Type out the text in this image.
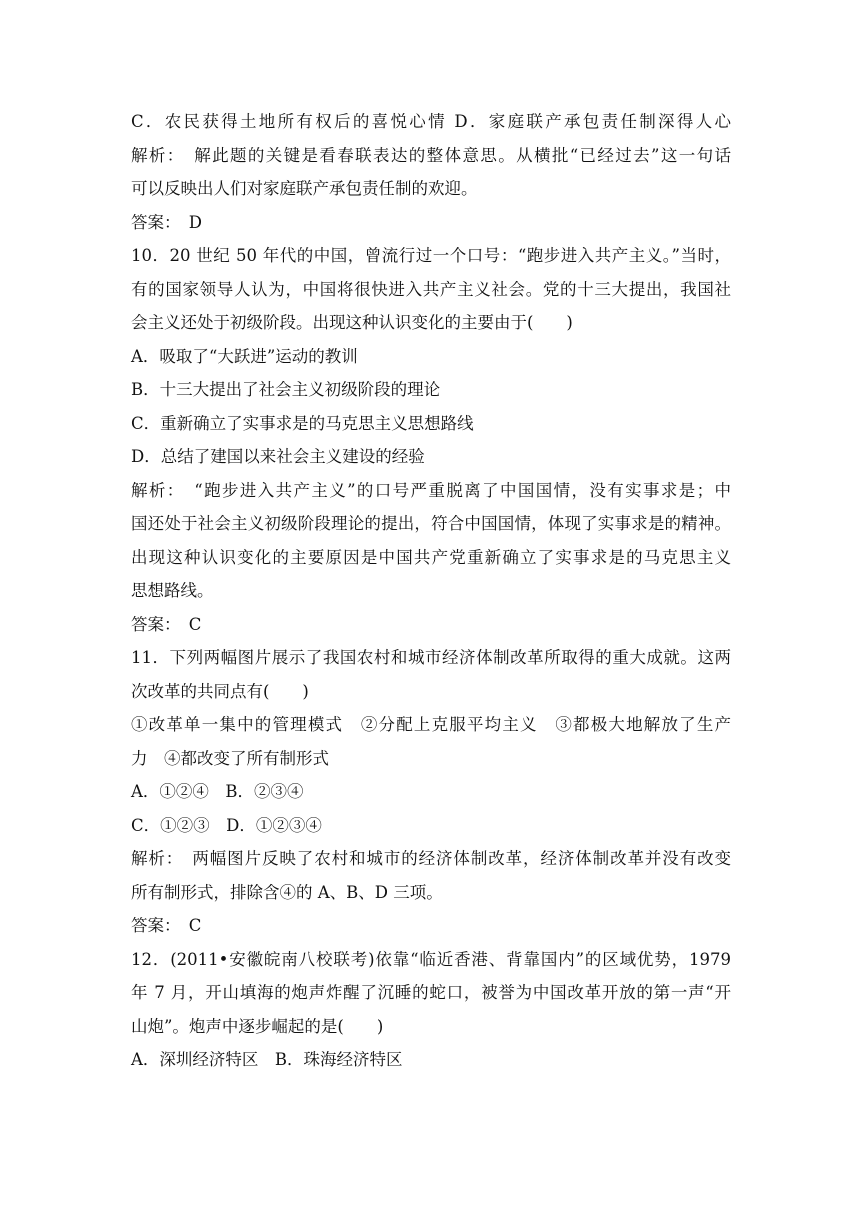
C．农民获得土地所有权后的喜悦心情 D．家庭联产承包责任制深得人心
解析：　解此题的关键是看春联表达的整体意思。从横批“已经过去”这一句话
可以反映出人们对家庭联产承包责任制的欢迎。
答案：　D
10．20 世纪 50 年代的中国，曾流行过一个口号：“跑步进入共产主义。”当时，
有的国家领导人认为，中国将很快进入共产主义社会。党的十三大提出，我国社
会主义还处于初级阶段。出现这种认识变化的主要由于(　　)
A．吸取了“大跃进”运动的教训
B．十三大提出了社会主义初级阶段的理论
C．重新确立了实事求是的马克思主义思想路线
D．总结了建国以来社会主义建设的经验
解析：　“跑步进入共产主义”的口号严重脱离了中国国情，没有实事求是；中
国还处于社会主义初级阶段理论的提出，符合中国国情，体现了实事求是的精神。
出现这种认识变化的主要原因是中国共产党重新确立了实事求是的马克思主义
思想路线。
答案：　C
11．下列两幅图片展示了我国农村和城市经济体制改革所取得的重大成就。这两
次改革的共同点有(　　)
①改革单一集中的管理模式　②分配上克服平均主义　③都极大地解放了生产
力　④都改变了所有制形式
A．①②④　B．②③④
C．①②③　D．①②③④
解析：　两幅图片反映了农村和城市的经济体制改革，经济体制改革并没有改变
所有制形式，排除含④的 A、B、D 三项。
答案：　C
12．(2011•安徽皖南八校联考)依靠“临近香港、背靠国内”的区域优势，1979
年 7 月，开山填海的炮声炸醒了沉睡的蛇口，被誉为中国改革开放的第一声“开
山炮”。炮声中逐步崛起的是(　　)
A．深圳经济特区　B．珠海经济特区
